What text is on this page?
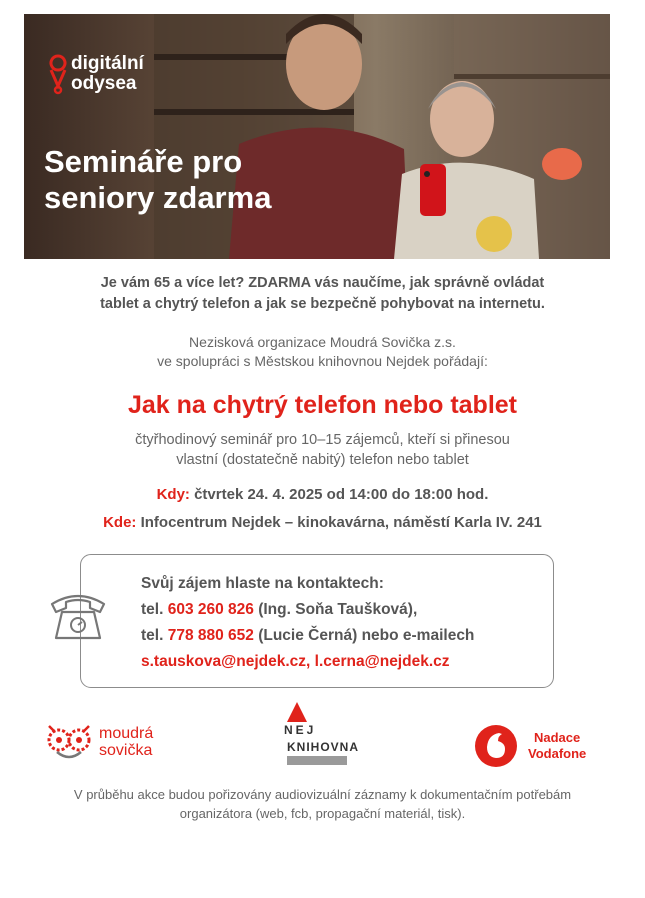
digitální
odysea
Semináře pro
seniory zdarma
Je vám 65 a více let? ZDARMA vás naučíme, jak správně ovládat
tablet a chytrý telefon a jak se bezpečně pohybovat na internetu.
Nezisková organizace Moudrá Sovička z.s.
ve spolupráci s Městskou knihovnou Nejdek pořádají:
Jak na chytrý telefon nebo tablet
čtyřhodinový seminář pro 10–15 zájemců, kteří si přinesou
vlastní (dostatečně nabitý) telefon nebo tablet
Kdy: čtvrtek 24. 4. 2025 od 14:00 do 18:00 hod.
Kde: Infocentrum Nejdek – kinokavárna, náměstí Karla IV. 241
Svůj zájem hlaste na kontaktech:
tel. 603 260 826 (Ing. Soňa Taušková),
tel. 778 880 652 (Lucie Černá) nebo e-mailech
s.tauskova@nejdek.cz, l.cerna@nejdek.cz
moudrá
sovička
NEJ
KNIHOVNA
Nadace
Vodafone
V průběhu akce budou pořizovány audiovizuální záznamy k dokumentačním potřebám
organizátora (web, fcb, propagační materiál, tisk).
